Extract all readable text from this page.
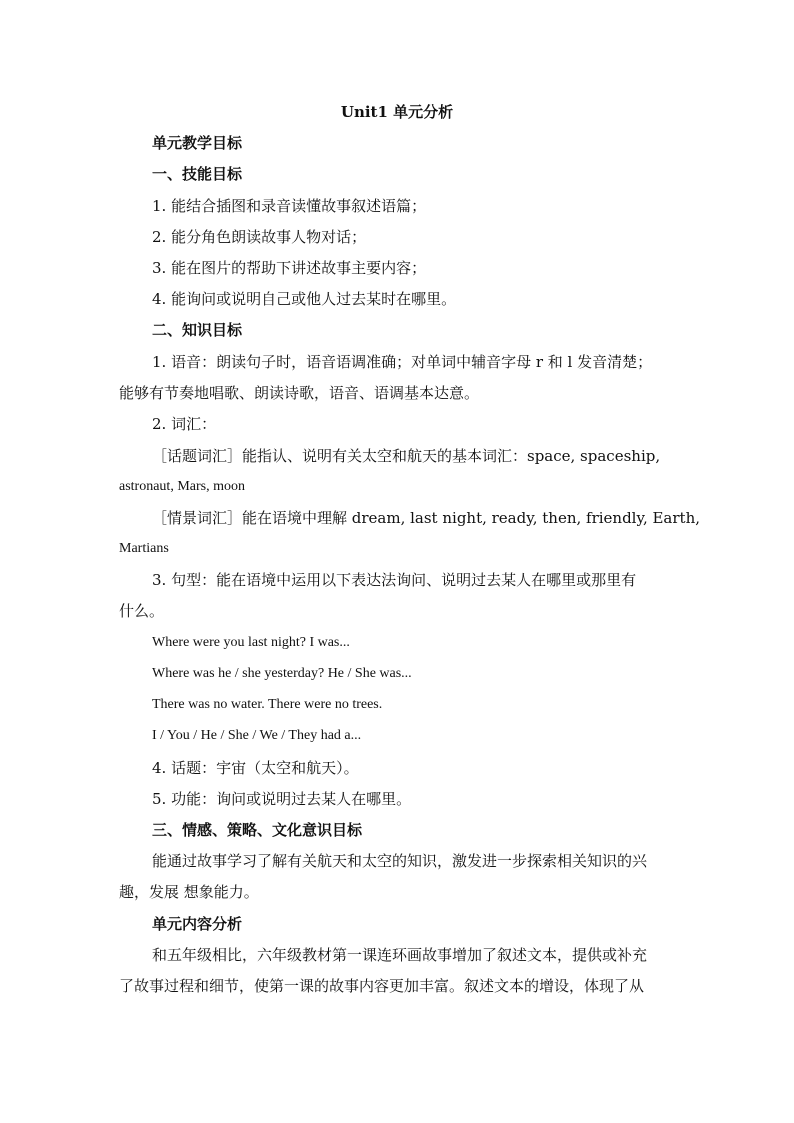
Unit1 单元分析
单元教学目标
一、技能目标
1. 能结合插图和录音读懂故事叙述语篇；
2. 能分角色朗读故事人物对话；
3. 能在图片的帮助下讲述故事主要内容；
4. 能询问或说明自己或他人过去某时在哪里。
二、知识目标
1. 语音：朗读句子时，语音语调准确；对单词中辅音字母 r 和 l 发音清楚；
能够有节奏地唱歌、朗读诗歌，语音、语调基本达意。
2. 词汇：
［话题词汇］能指认、说明有关太空和航天的基本词汇：space, spaceship,
astronaut, Mars, moon
［情景词汇］能在语境中理解 dream, last night, ready, then, friendly, Earth,
Martians
3. 句型：能在语境中运用以下表达法询问、说明过去某人在哪里或那里有
什么。
Where were you last night? I was...
Where was he / she yesterday? He / She was...
There was no water. There were no trees.
I / You / He / She / We / They had a...
4. 话题：宇宙（太空和航天）。
5. 功能：询问或说明过去某人在哪里。
三、情感、策略、文化意识目标
能通过故事学习了解有关航天和太空的知识，激发进一步探索相关知识的兴
趣，发展 想象能力。
单元内容分析
和五年级相比，六年级教材第一课连环画故事增加了叙述文本，提供或补充
了故事过程和细节，使第一课的故事内容更加丰富。叙述文本的增设，体现了从
